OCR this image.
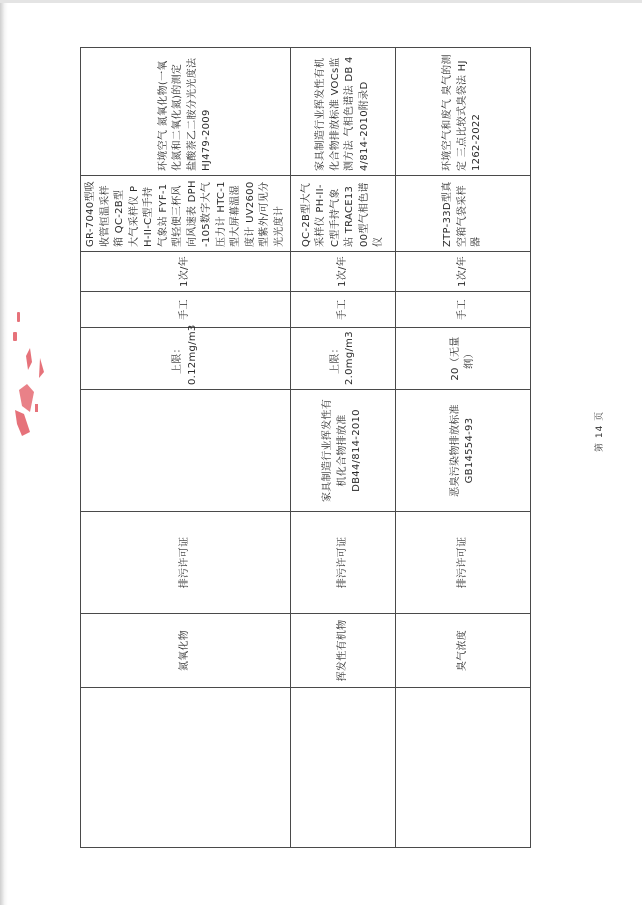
	氮氧化物	排污许可证		上限：0.12mg/m3	手工	1次/年	GR-7040型吸收管恒温采样箱 QC-2B型大气采样仪 PH-II-C型手持气象站 FYF-1型轻便三杯风向风速表 DPH-105数字大气压力计 HTC-1型大屏幕温湿度计 UV2600型紫外/可见分光光度计	环境空气 氮氧化物(一氧化氮和二氧化氮)的测定 盐酸萘乙二胺分光光度法 HJ479-2009
	挥发性有机物	排污许可证	家具制造行业挥发性有机化合物排放准DB44/814-2010	上限：2.0mg/m3	手工	1次/年	QC-2B型大气采样仪 PH-II-C型手持气象站 TRACE1300型气相色谱仪	家具制造行业挥发性有机化合物排放标准 VOCs监测方法 气相色谱法 DB 44/814-2010附录D
	臭气浓度	排污许可证	恶臭污染物排放标准 GB14554-93	20（无量纲）	手工	1次/年	ZTP-33D型真空箱气袋采样器	环境空气和废气 臭气的测定 三点比较式臭袋法 HJ 1262-2022
第 14 页
